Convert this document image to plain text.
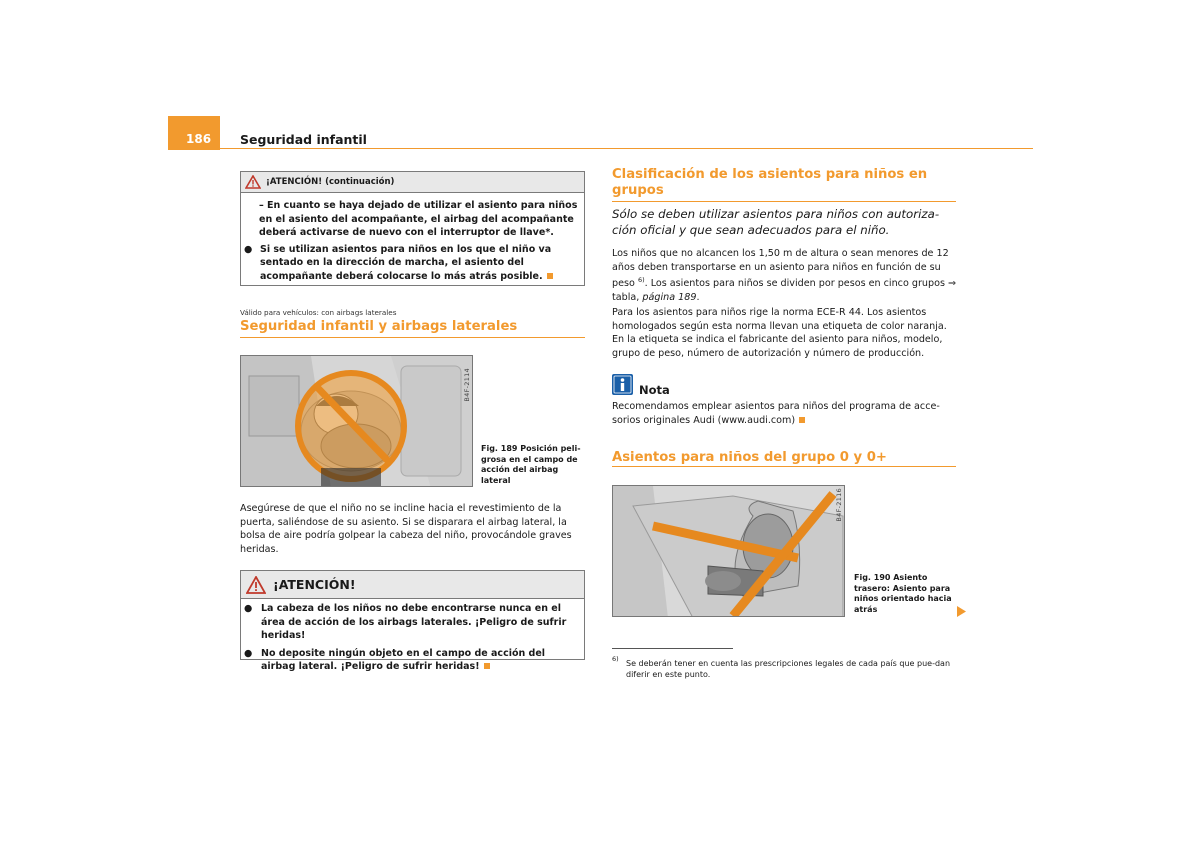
186 Seguridad infantil
¡ATENCIÓN! (continuación)

– En cuanto se haya dejado de utilizar el asiento para niños en el asiento del acompañante, el airbag del acompañante deberá activarse de nuevo con el interruptor de llave*.

● Si se utilizan asientos para niños en los que el niño va sentado en la dirección de marcha, el asiento del acompañante deberá colocarse lo más atrás posible.

Válido para vehículos: con airbags laterales
Seguridad infantil y airbags laterales
B4F-2114
Fig. 189 Posición peli-grosa en el campo de acción del airbag lateral

Asegúrese de que el niño no se incline hacia el revestimiento de la puerta, saliéndose de su asiento. Si se disparara el airbag lateral, la bolsa de aire podría golpear la cabeza del niño, provocándole graves heridas.

¡ATENCIÓN!
● La cabeza de los niños no debe encontrarse nunca en el área de acción de los airbags laterales. ¡Peligro de sufrir heridas!

● No deposite ningún objeto en el campo de acción del airbag lateral. ¡Peligro de sufrir heridas!

Clasificación de los asientos para niños en grupos

Sólo se deben utilizar asientos para niños con autoriza-ción oficial y que sean adecuados para el niño.

Los niños que no alcancen los 1,50 m de altura o sean menores de 12 años deben transportarse en un asiento para niños en función de su peso $^{6)}$. Los asientos para niños se dividen por pesos en cinco grupos ⇒ tabla, página 189.

Para los asientos para niños rige la norma ECE-R 44. Los asientos homologados según esta norma llevan una etiqueta de color naranja. En la etiqueta se indica el fabricante del asiento para niños, modelo, grupo de peso, número de autorización y número de producción.

Nota

Recomendamos emplear asientos para niños del programa de acce-sorios originales Audi (www.audi.com)

Asientos para niños del grupo 0 y 0+
B4F-2116
Fig. 190 Asiento trasero: Asiento para niños orientado hacia atrás
6) Se deberán tener en cuenta las prescripciones legales de cada país que pue-dan diferir en este punto.
